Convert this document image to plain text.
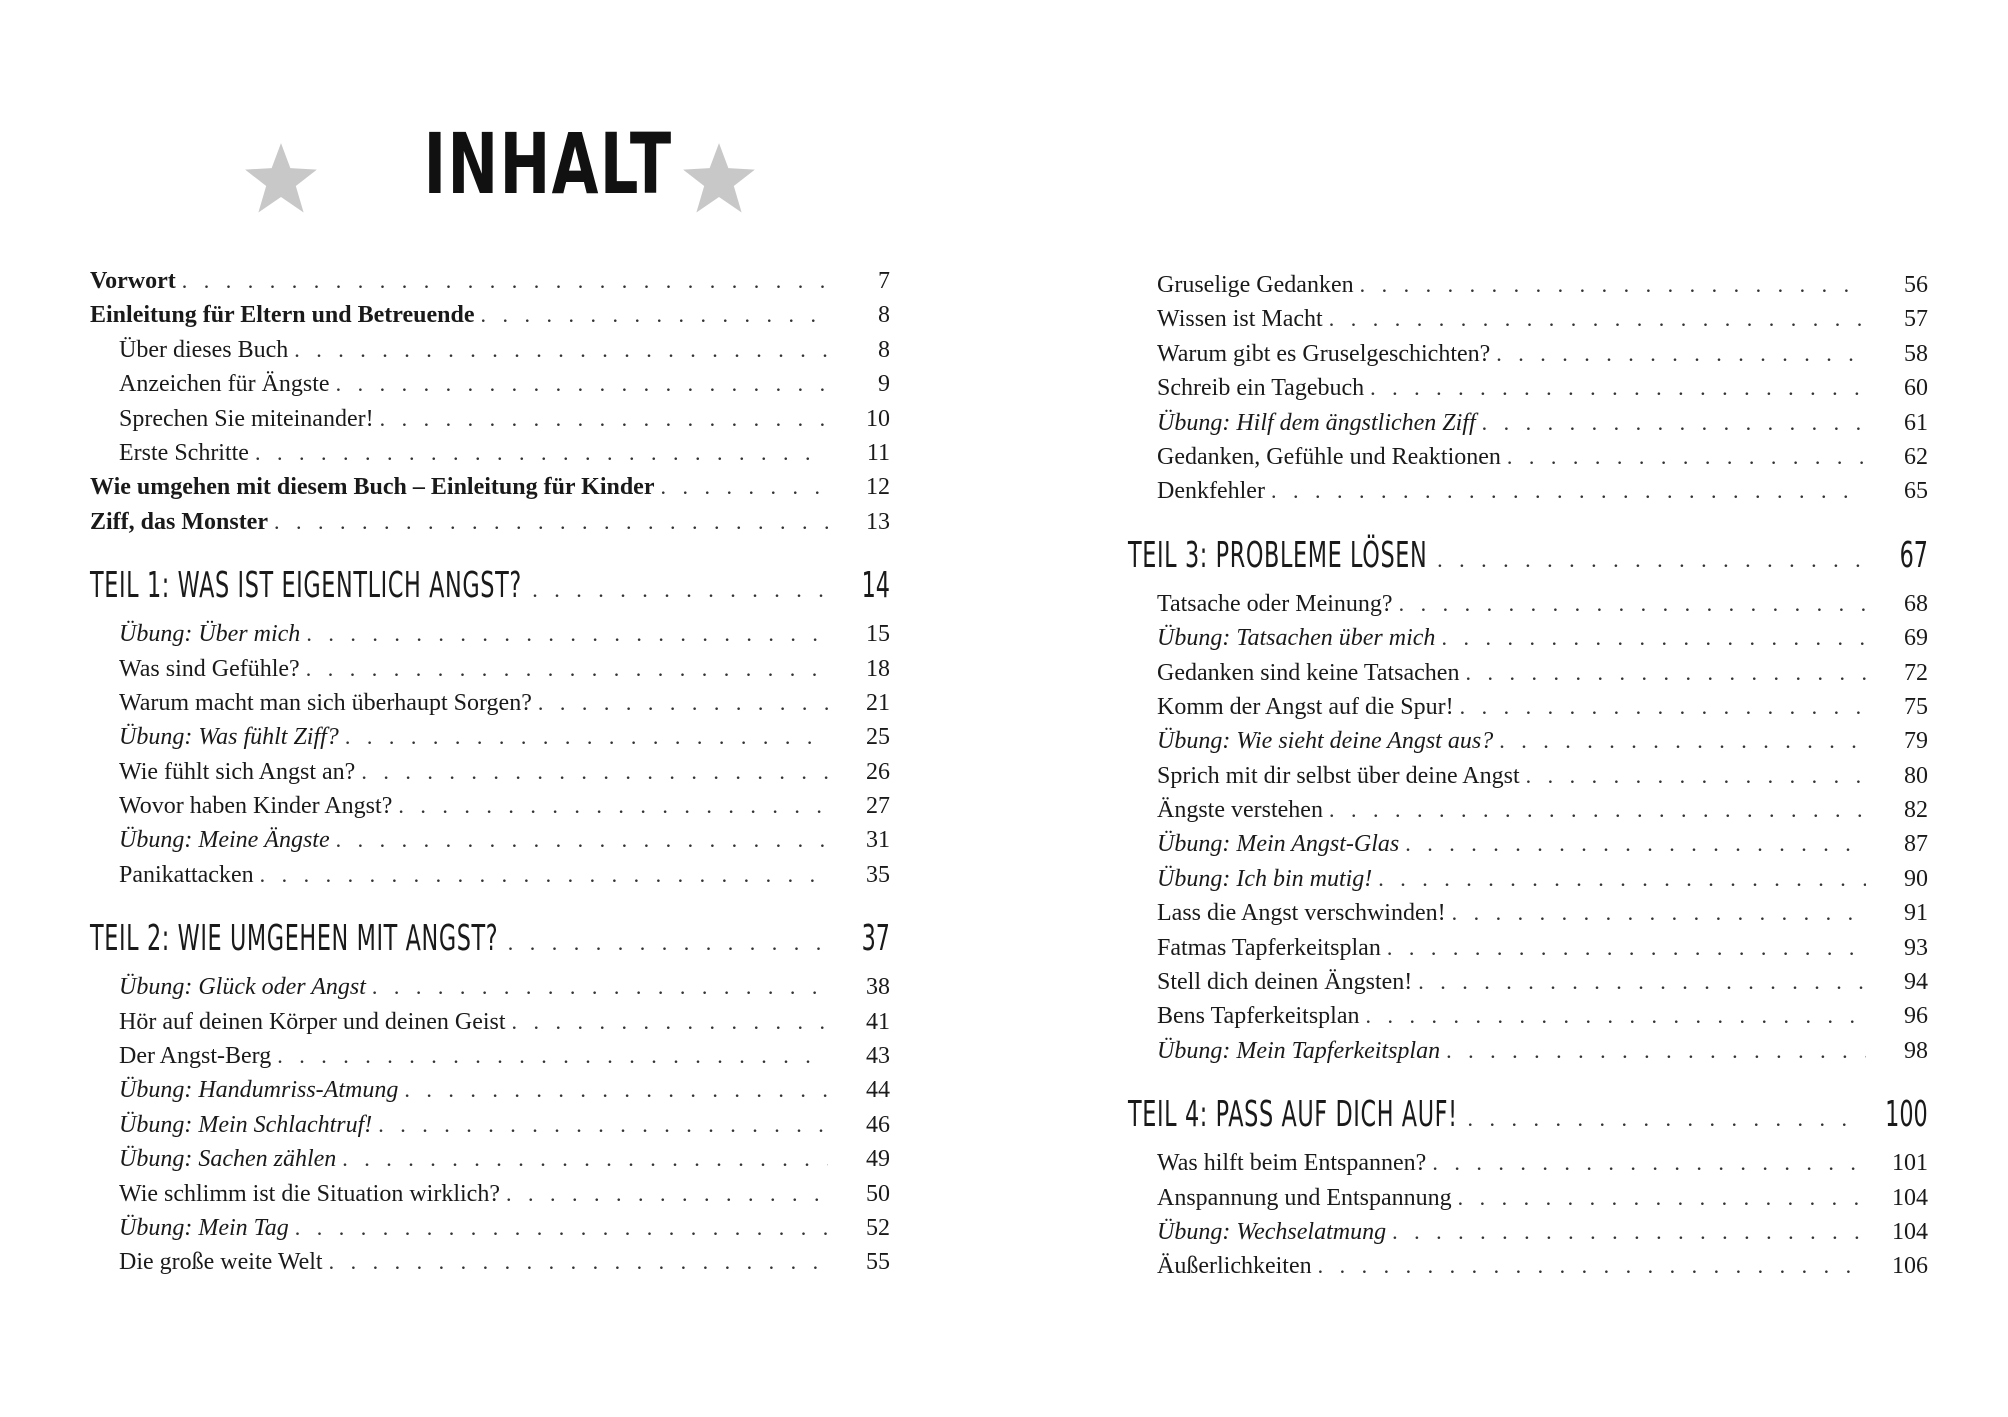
INHALT
Vorwort . . .	7
Einleitung für Eltern und Betreuende . . .	8
Über dieses Buch . . .	8
Anzeichen für Ängste . . .	9
Sprechen Sie miteinander! . . .	10
Erste Schritte . . .	11
Wie umgehen mit diesem Buch – Einleitung für Kinder . . .	12
Ziff, das Monster . . .	13
TEIL 1: WAS IST EIGENTLICH ANGST? . . .	14
Übung: Über mich . . .	15
Was sind Gefühle? . . .	18
Warum macht man sich überhaupt Sorgen? . . .	21
Übung: Was fühlt Ziff? . . .	25
Wie fühlt sich Angst an? . . .	26
Wovor haben Kinder Angst? . . .	27
Übung: Meine Ängste . . .	31
Panikattacken . . .	35
TEIL 2: WIE UMGEHEN MIT ANGST? . . .	37
Übung: Glück oder Angst . . .	38
Hör auf deinen Körper und deinen Geist . . .	41
Der Angst-Berg . . .	43
Übung: Handumriss-Atmung . . .	44
Übung: Mein Schlachtruf! . . .	46
Übung: Sachen zählen . . .	49
Wie schlimm ist die Situation wirklich? . . .	50
Übung: Mein Tag . . .	52
Die große weite Welt . . .	55
Gruselige Gedanken . . .	56
Wissen ist Macht . . .	57
Warum gibt es Gruselgeschichten? . . .	58
Schreib ein Tagebuch . . .	60
Übung: Hilf dem ängstlichen Ziff . . .	61
Gedanken, Gefühle und Reaktionen . . .	62
Denkfehler . . .	65
TEIL 3: PROBLEME LÖSEN . . .	67
Tatsache oder Meinung? . . .	68
Übung: Tatsachen über mich . . .	69
Gedanken sind keine Tatsachen . . .	72
Komm der Angst auf die Spur! . . .	75
Übung: Wie sieht deine Angst aus? . . .	79
Sprich mit dir selbst über deine Angst . . .	80
Ängste verstehen . . .	82
Übung: Mein Angst-Glas . . .	87
Übung: Ich bin mutig! . . .	90
Lass die Angst verschwinden! . . .	91
Fatmas Tapferkeitsplan . . .	93
Stell dich deinen Ängsten! . . .	94
Bens Tapferkeitsplan . . .	96
Übung: Mein Tapferkeitsplan . . .	98
TEIL 4: PASS AUF DICH AUF! . . .	100
Was hilft beim Entspannen? . . .	101
Anspannung und Entspannung . . .	104
Übung: Wechselatmung . . .	104
Äußerlichkeiten . . .	106
